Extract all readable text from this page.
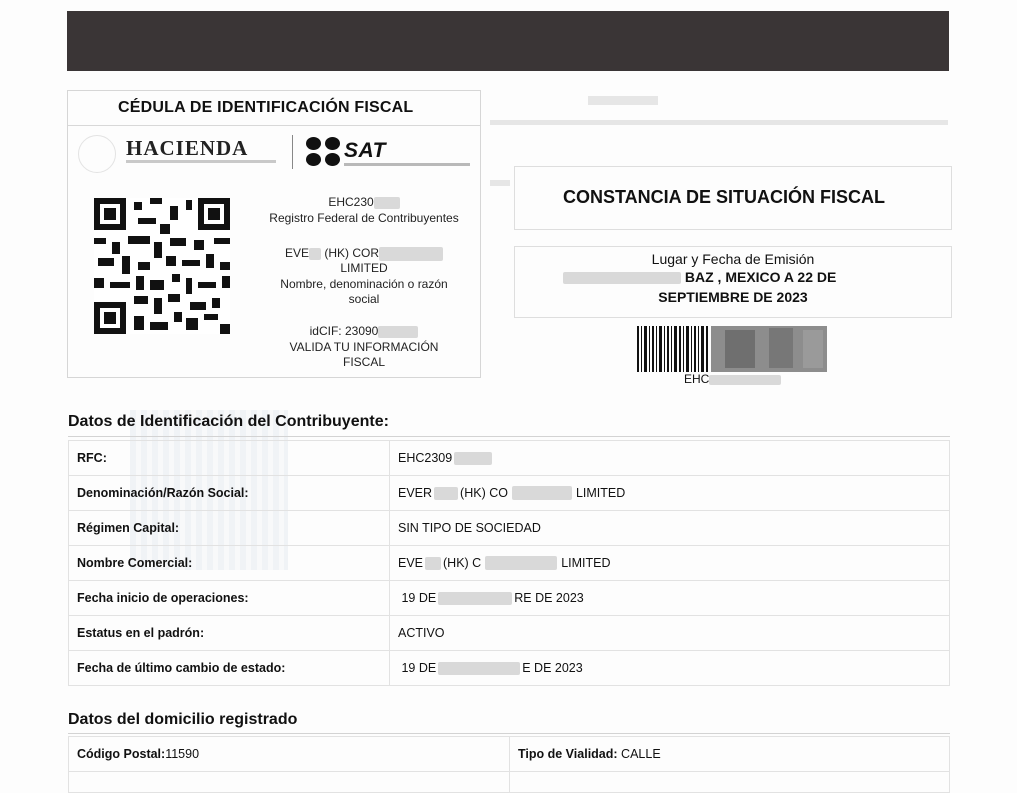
CÉDULA DE IDENTIFICACIÓN FISCAL
HACIENDA	SAT
EHC230
Registro Federal de Contribuyentes
EVE (HK) COR
LIMITED
Nombre, denominación o razón
social
idCIF: 23090
VALIDA TU INFORMACIÓN
FISCAL
CONSTANCIA DE SITUACIÓN FISCAL
Lugar y Fecha de Emisión
BAZ , MEXICO A 22 DE
SEPTIEMBRE DE 2023
EHC
Datos de Identificación del Contribuyente:
RFC:	EHC2309
Denominación/Razón Social:	EVER (HK) CO LIMITED
Régimen Capital:	SIN TIPO DE SOCIEDAD
Nombre Comercial:	EVE (HK) C LIMITED
Fecha inicio de operaciones:	19 DE RE DE 2023
Estatus en el padrón:	ACTIVO
Fecha de último cambio de estado:	19 DE E DE 2023
Datos del domicilio registrado
Código Postal:11590	Tipo de Vialidad: CALLE
